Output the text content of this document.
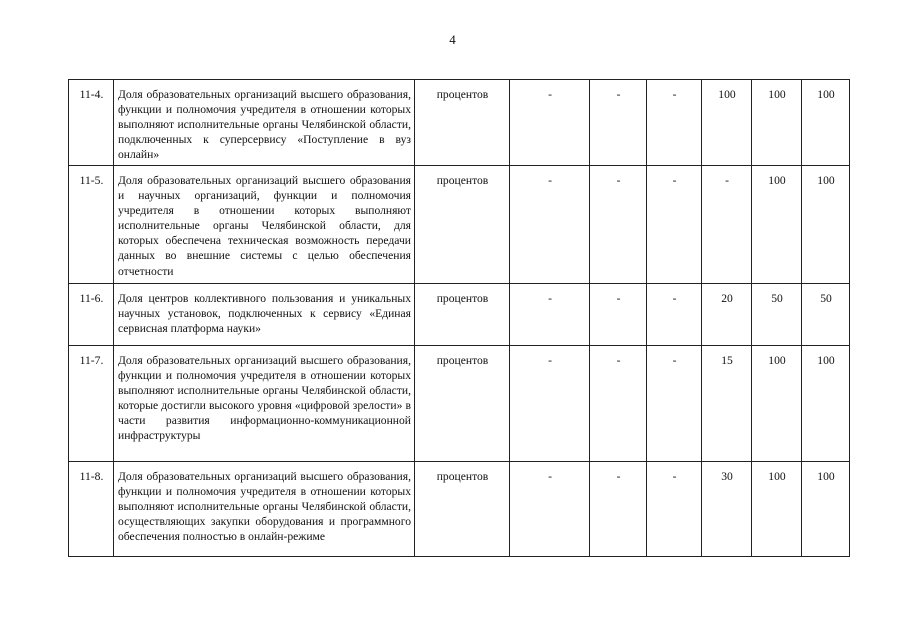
4
11-4.	Доля образовательных организаций высшего образования, функции и полномочия учредителя в отношении которых выполняют исполнительные органы Челябинской области, подключенных к суперсервису «Поступление в вуз онлайн»	процентов	-	-	-	100	100	100
11-5.	Доля образовательных организаций высшего образования и научных организаций, функции и полномочия учредителя в отношении которых выполняют исполнительные органы Челябинской области, для которых обеспечена техническая возможность передачи данных во внешние системы с целью обеспечения отчетности	процентов	-	-	-	-	100	100
11-6.	Доля центров коллективного пользования и уникальных научных установок, подключенных к сервису «Единая сервисная платформа науки»	процентов	-	-	-	20	50	50
11-7.	Доля образовательных организаций высшего образования, функции и полномочия учредителя в отношении которых выполняют исполнительные органы Челябинской области, которые достигли высокого уровня «цифровой зрелости» в части развития информационно-коммуникационной инфраструктуры	процентов	-	-	-	15	100	100
11-8.	Доля образовательных организаций высшего образования, функции и полномочия учредителя в отношении которых выполняют исполнительные органы Челябинской области, осуществляющих закупки оборудования и программного обеспечения полностью в онлайн-режиме	процентов	-	-	-	30	100	100
